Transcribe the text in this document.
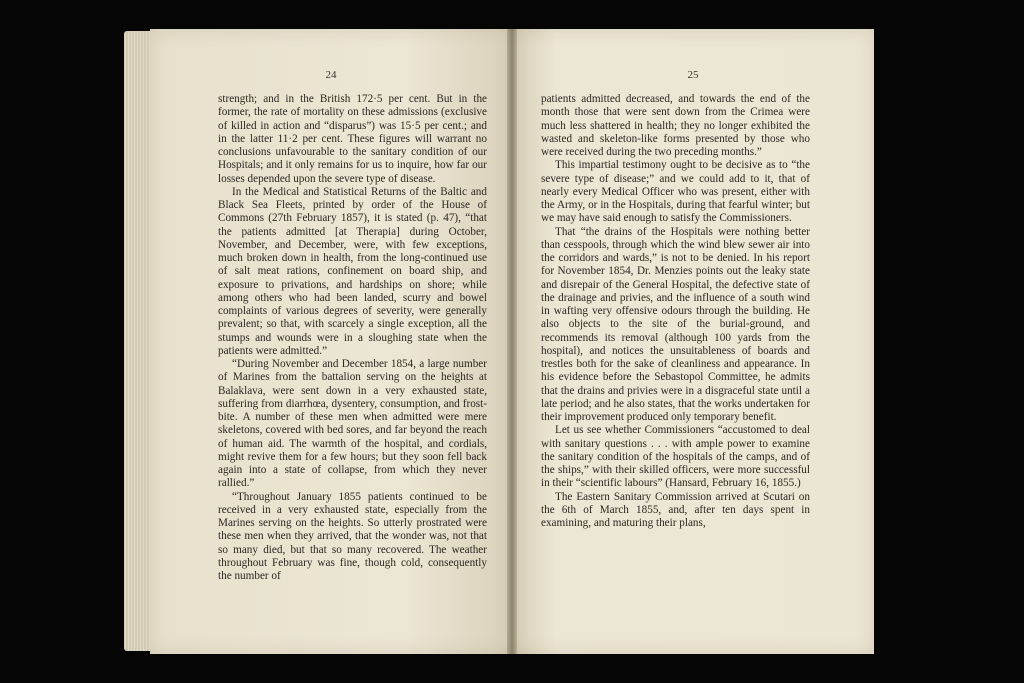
24

strength; and in the British 172·5 per cent. But in the former, the rate of mortality on these admissions (exclusive of killed in action and “disparus”) was 15·5 per cent.; and in the latter 11·2 per cent. These figures will warrant no conclusions unfavourable to the sanitary condition of our Hospitals; and it only remains for us to inquire, how far our losses depended upon the severe type of disease.

In the Medical and Statistical Returns of the Baltic and Black Sea Fleets, printed by order of the House of Commons (27th February 1857), it is stated (p. 47), “that the patients admitted [at Therapia] during October, November, and December, were, with few exceptions, much broken down in health, from the long-continued use of salt meat rations, confinement on board ship, and exposure to privations, and hardships on shore; while among others who had been landed, scurry and bowel complaints of various degrees of severity, were generally prevalent; so that, with scarcely a single exception, all the stumps and wounds were in a sloughing state when the patients were admitted.”

“During November and December 1854, a large number of Marines from the battalion serving on the heights at Balaklava, were sent down in a very exhausted state, suffering from diarrhœa, dysentery, consumption, and frost-bite. A number of these men when admitted were mere skeletons, covered with bed sores, and far beyond the reach of human aid. The warmth of the hospital, and cordials, might revive them for a few hours; but they soon fell back again into a state of collapse, from which they never rallied.”

“Throughout January 1855 patients continued to be received in a very exhausted state, especially from the Marines serving on the heights. So utterly prostrated were these men when they arrived, that the wonder was, not that so many died, but that so many recovered. The weather throughout February was fine, though cold, consequently the number of

25

patients admitted decreased, and towards the end of the month those that were sent down from the Crimea were much less shattered in health; they no longer exhibited the wasted and skeleton-like forms presented by those who were received during the two preceding months.”

This impartial testimony ought to be decisive as to “the severe type of disease;” and we could add to it, that of nearly every Medical Officer who was present, either with the Army, or in the Hospitals, during that fearful winter; but we may have said enough to satisfy the Commissioners.

That “the drains of the Hospitals were nothing better than cesspools, through which the wind blew sewer air into the corridors and wards,” is not to be denied. In his report for November 1854, Dr. Menzies points out the leaky state and disrepair of the General Hospital, the defective state of the drainage and privies, and the influence of a south wind in wafting very offensive odours through the building. He also objects to the site of the burial-ground, and recommends its removal (although 100 yards from the hospital), and notices the unsuitableness of boards and trestles both for the sake of cleanliness and appearance. In his evidence before the Sebastopol Committee, he admits that the drains and privies were in a disgraceful state until a late period; and he also states, that the works undertaken for their improvement produced only temporary benefit.

Let us see whether Commissioners “accustomed to deal with sanitary questions . . . with ample power to examine the sanitary condition of the hospitals of the camps, and of the ships,” with their skilled officers, were more successful in their “scientific labours” (Hansard, February 16, 1855.)

The Eastern Sanitary Commission arrived at Scutari on the 6th of March 1855, and, after ten days spent in examining, and maturing their plans,
